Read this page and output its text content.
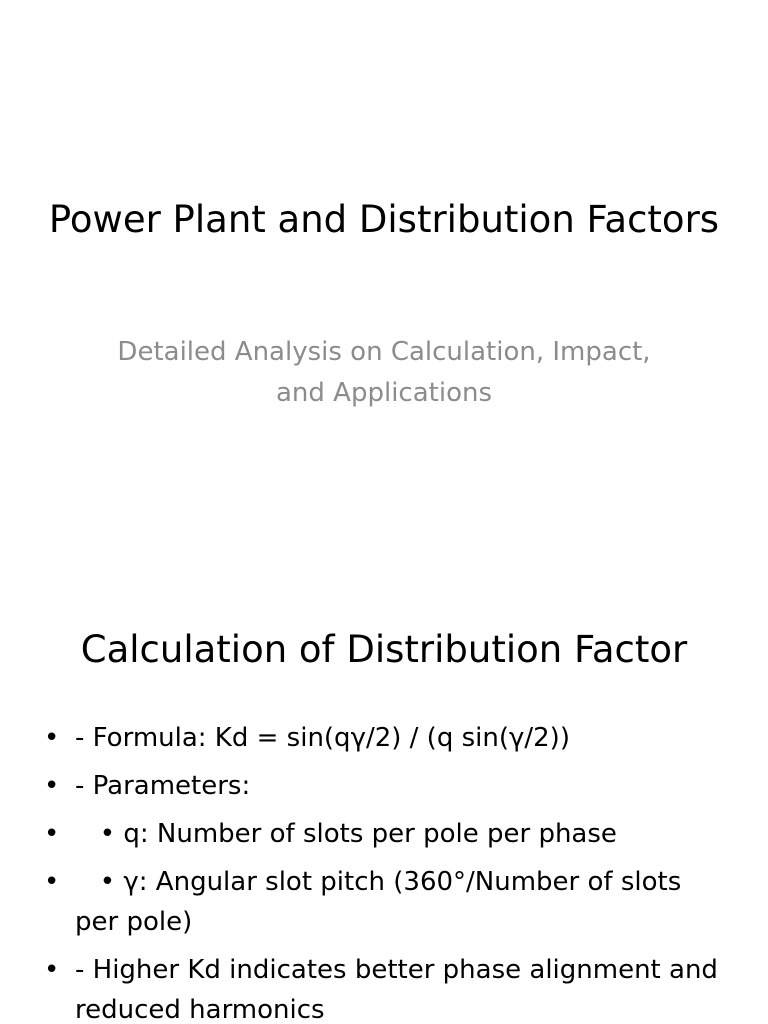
Power Plant and Distribution Factors
Detailed Analysis on Calculation, Impact, and Applications
Calculation of Distribution Factor
• - Formula: Kd = sin(qγ/2) / (q sin(γ/2))
• - Parameters:
• • q: Number of slots per pole per phase
• • γ: Angular slot pitch (360°/Number of slots per pole)
• - Higher Kd indicates better phase alignment and reduced harmonics
